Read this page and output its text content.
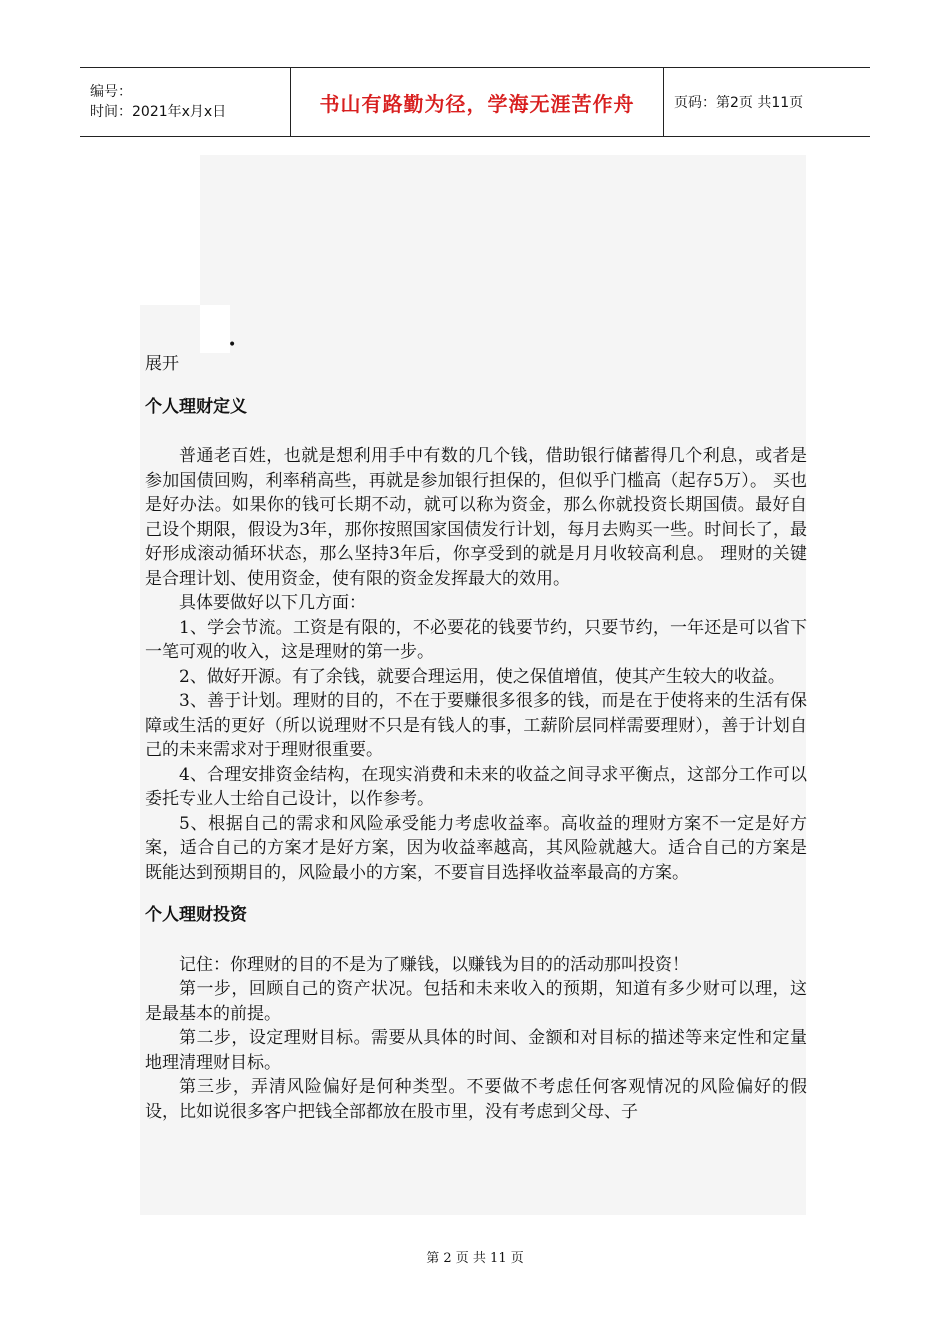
编号：
时间：2021年x月x日	书山有路勤为径，学海无涯苦作舟	页码：第2页 共11页
•

展开

个人理财定义

普通老百姓，也就是想利用手中有数的几个钱，借助银行储蓄得几个利息，或者是参加国债回购，利率稍高些，再就是参加银行担保的，但似乎门槛高（起存5万）。 买也是好办法。如果你的钱可长期不动，就可以称为资金，那么你就投资长期国债。最好自己设个期限，假设为3年，那你按照国家国债发行计划，每月去购买一些。时间长了，最好形成滚动循环状态，那么坚持3年后，你享受到的就是月月收较高利息。 理财的关键是合理计划、使用资金，使有限的资金发挥最大的效用。

具体要做好以下几方面：

1、学会节流。工资是有限的，不必要花的钱要节约，只要节约，一年还是可以省下一笔可观的收入，这是理财的第一步。

2、做好开源。有了余钱，就要合理运用，使之保值增值，使其产生较大的收益。

3、善于计划。理财的目的，不在于要赚很多很多的钱，而是在于使将来的生活有保障或生活的更好（所以说理财不只是有钱人的事，工薪阶层同样需要理财），善于计划自己的未来需求对于理财很重要。

4、合理安排资金结构，在现实消费和未来的收益之间寻求平衡点，这部分工作可以委托专业人士给自己设计，以作参考。

5、根据自己的需求和风险承受能力考虑收益率。高收益的理财方案不一定是好方案，适合自己的方案才是好方案，因为收益率越高，其风险就越大。适合自己的方案是既能达到预期目的，风险最小的方案，不要盲目选择收益率最高的方案。

个人理财投资

记住：你理财的目的不是为了赚钱，以赚钱为目的的活动那叫投资！

第一步，回顾自己的资产状况。包括和未来收入的预期，知道有多少财可以理，这是最基本的前提。

第二步，设定理财目标。需要从具体的时间、金额和对目标的描述等来定性和定量地理清理财目标。

第三步，弄清风险偏好是何种类型。不要做不考虑任何客观情况的风险偏好的假设，比如说很多客户把钱全部都放在股市里，没有考虑到父母、子

第 2 页 共 11 页
